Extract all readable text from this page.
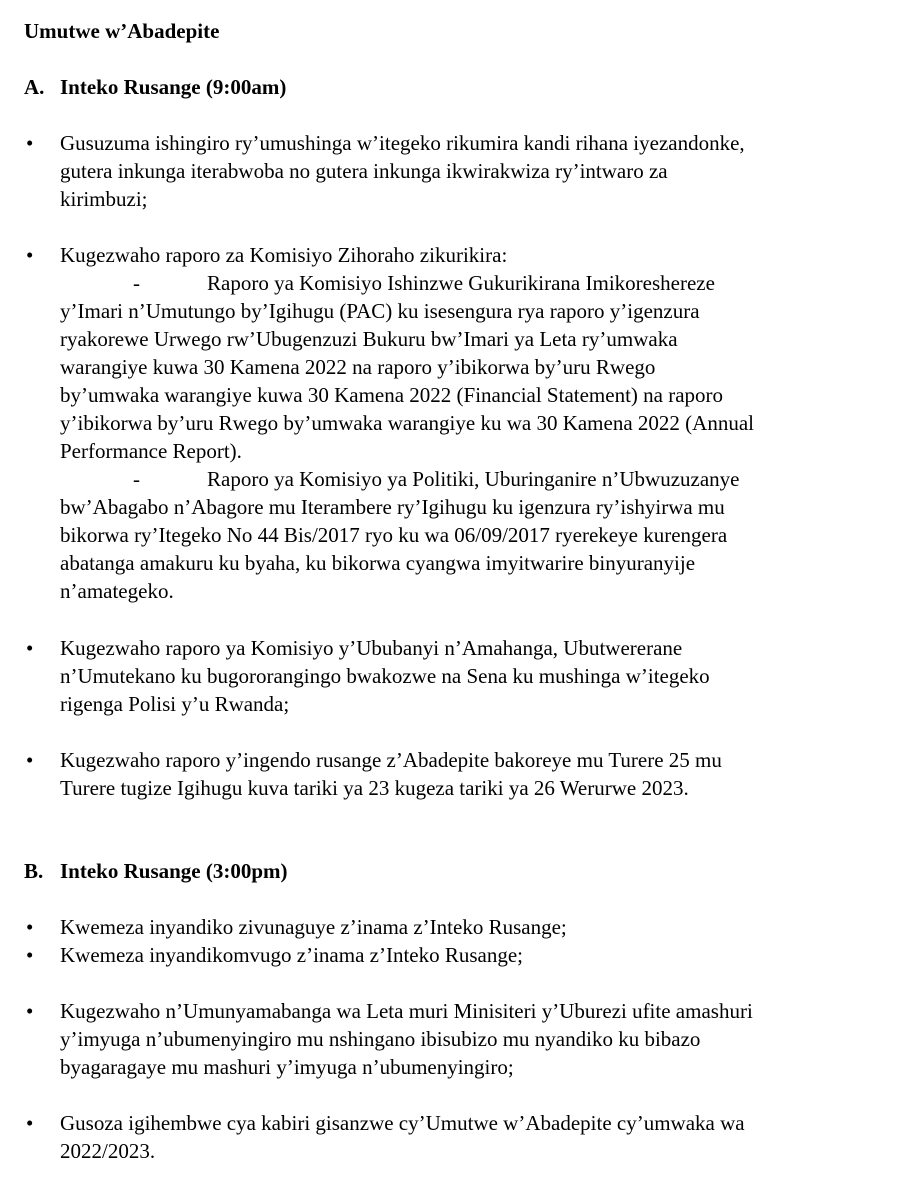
Umutwe w’Abadepite
A. Inteko Rusange (9:00am)
• Gusuzuma ishingiro ry’umushinga w’itegeko rikumira kandi rihana iyezandonke,
gutera inkunga iterabwoba no gutera inkunga ikwirakwiza ry’intwaro za
kirimbuzi;
• Kugezwaho raporo za Komisiyo Zihoraho zikurikira:
-	Raporo ya Komisiyo Ishinzwe Gukurikirana Imikoreshereze
y’Imari n’Umutungo by’Igihugu (PAC) ku isesengura rya raporo y’igenzura
ryakorewe Urwego rw’Ubugenzuzi Bukuru bw’Imari ya Leta ry’umwaka
warangiye kuwa 30 Kamena 2022 na raporo y’ibikorwa by’uru Rwego
by’umwaka warangiye kuwa 30 Kamena 2022 (Financial Statement) na raporo
y’ibikorwa by’uru Rwego by’umwaka warangiye ku wa 30 Kamena 2022 (Annual
Performance Report).
-	Raporo ya Komisiyo ya Politiki, Uburinganire n’Ubwuzuzanye
bw’Abagabo n’Abagore mu Iterambere ry’Igihugu ku igenzura ry’ishyirwa mu
bikorwa ry’Itegeko No 44 Bis/2017 ryo ku wa 06/09/2017 ryerekeye kurengera
abatanga amakuru ku byaha, ku bikorwa cyangwa imyitwarire binyuranyije
n’amategeko.
• Kugezwaho raporo ya Komisiyo y’Ububanyi n’Amahanga, Ubutwererane
n’Umutekano ku bugororangingo bwakozwe na Sena ku mushinga w’itegeko
rigenga Polisi y’u Rwanda;
• Kugezwaho raporo y’ingendo rusange z’Abadepite bakoreye mu Turere 25 mu
Turere tugize Igihugu kuva tariki ya 23 kugeza tariki ya 26 Werurwe 2023.
B. Inteko Rusange (3:00pm)
• Kwemeza inyandiko zivunaguye z’inama z’Inteko Rusange;
• Kwemeza inyandikomvugo z’inama z’Inteko Rusange;
• Kugezwaho n’Umunyamabanga wa Leta muri Minisiteri y’Uburezi ufite amashuri
y’imyuga n’ubumenyingiro mu nshingano ibisubizo mu nyandiko ku bibazo
byagaragaye mu mashuri y’imyuga n’ubumenyingiro;
• Gusoza igihembwe cya kabiri gisanzwe cy’Umutwe w’Abadepite cy’umwaka wa
2022/2023.
